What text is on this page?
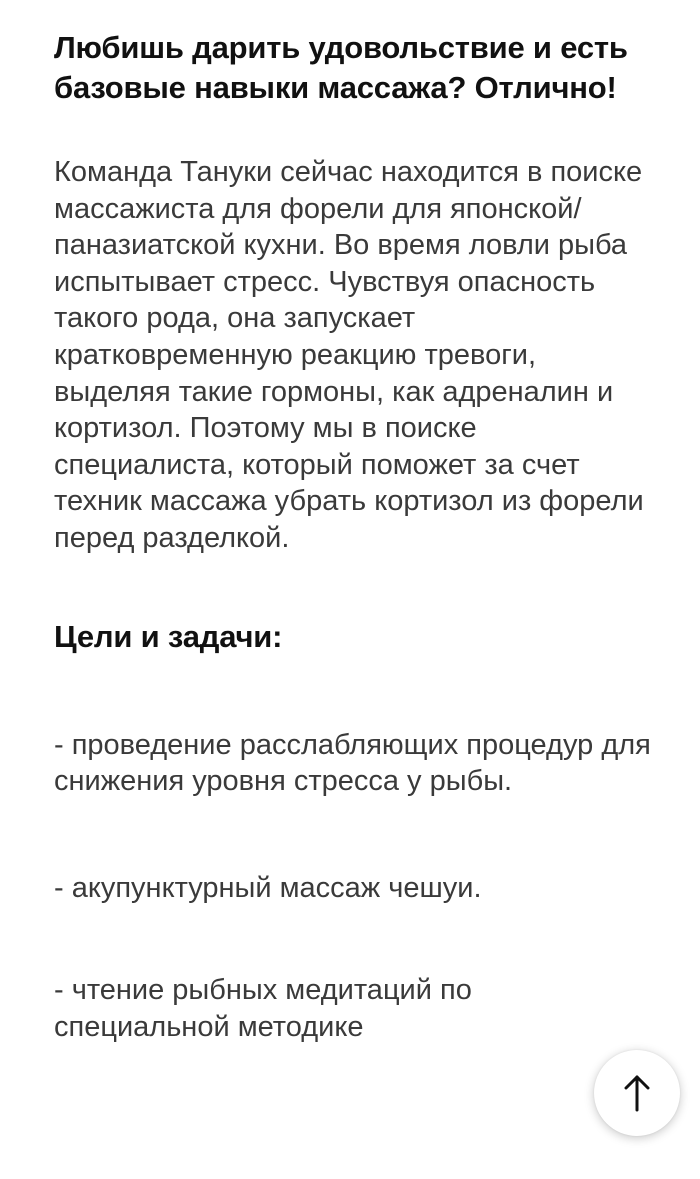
Любишь дарить удовольствие и есть базовые навыки массажа? Отлично!

Команда Тануки сейчас находится в поиске массажиста для форели для японской/паназиатской кухни. Во время ловли рыба испытывает стресс. Чувствуя опасность такого рода, она запускает кратковременную реакцию тревоги, выделяя такие гормоны, как адреналин и кортизол. Поэтому мы в поиске специалиста, который поможет за счет техник массажа убрать кортизол из форели перед разделкой.

Цели и задачи:

- проведение расслабляющих процедур для снижения уровня стресса у рыбы.

- акупунктурный массаж чешуи.

- чтение рыбных медитаций по специальной методике
